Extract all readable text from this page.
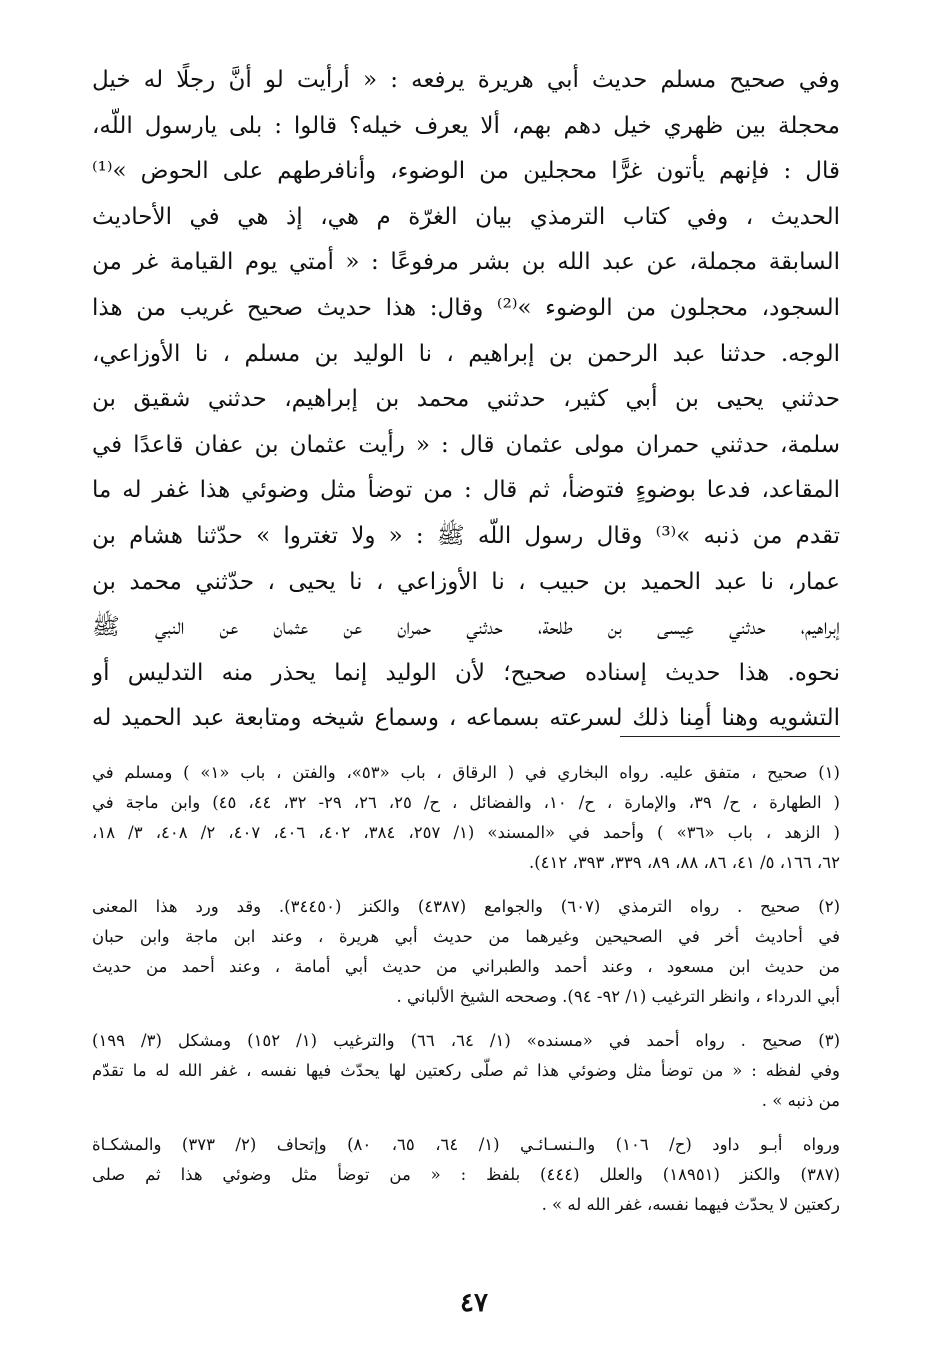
وفي صحيح مسلم حديث أبي هريرة يرفعه : « أرأيت لو أنَّ رجلًا له خيل
محجلة بين ظهري خيل دهم بهم، ألا يعرف خيله؟ قالوا : بلى يارسول اللّه،
قال : فإنهم يأتون غرًّا محجلين من الوضوء، وأنافرطهم على الحوض »⁽¹⁾
الحديث ، وفي كتاب الترمذي بيان الغرّة م هي، إذ هي في الأحاديث
السابقة مجملة، عن عبد الله بن بشر مرفوعًا : « أمتي يوم القيامة غر من
السجود، محجلون من الوضوء »⁽²⁾ وقال: هذا حديث صحيح غريب من هذا
الوجه. حدثنا عبد الرحمن بن إبراهيم ، نا الوليد بن مسلم ، نا الأوزاعي،
حدثني يحيى بن أبي كثير، حدثني محمد بن إبراهيم، حدثني شقيق بن
سلمة، حدثني حمران مولى عثمان قال : « رأيت عثمان بن عفان قاعدًا في
المقاعد، فدعا بوضوءٍ فتوضأ، ثم قال : من توضأ مثل وضوئي هذا غفر له ما
تقدم من ذنبه »⁽³⁾ وقال رسول اللّه ﷺ : « ولا تغتروا » حدّثنا هشام بن
عمار، نا عبد الحميد بن حبيب ، نا الأوزاعي ، نا يحيى ، حدّثني محمد بن
إبراهيم، حدثني عِيسى بن طلحة، حدثني حمران عن عثمان عن النبي ﷺ
نحوه. هذا حديث إسناده صحيح؛ لأن الوليد إنما يحذر منه التدليس أو
التشويه وهنا أمِنا ذلك لسرعته بسماعه ، وسماع شيخه ومتابعة عبد الحميد له
(١) صحيح ، متفق عليه. رواه البخاري في ( الرقاق ، باب «٥٣»، والفتن ، باب «١» ) ومسلم في
( الطهارة ، ح/ ٣٩، والإمارة ، ح/ ١٠، والفضائل ، ح/ ٢٥، ٢٦، ٢٩- ٣٢، ٤٤، ٤٥) وابن ماجة في
( الزهد ، باب «٣٦» ) وأحمد في «المسند» (١/ ٢٥٧، ٣٨٤، ٤٠٢، ٤٠٦، ٤٠٧، ٢/ ٤٠٨، ٣/ ١٨،
٦٢، ١٦٦، ٥/ ٤١، ٨٦، ٨٨، ٨٩، ٣٣٩، ٣٩٣، ٤١٢).
(٢) صحيح . رواه الترمذي (٦٠٧) والجوامع (٤٣٨٧) والكنز (٣٤٤٥٠). وقد ورد هذا المعنى
في أحاديث أخر في الصحيحين وغيرهما من حديث أبي هريرة ، وعند ابن ماجة وابن حبان
من حديث ابن مسعود ، وعند أحمد والطبراني من حديث أبي أمامة ، وعند أحمد من حديث
أبي الدرداء ، وانظر الترغيب (١/ ٩٢- ٩٤). وصححه الشيخ الألباني .
(٣) صحيح . رواه أحمد في «مسنده» (١/ ٦٤، ٦٦) والترغيب (١/ ١٥٢) ومشكل (٣/ ١٩٩)
وفي لفظه : « من توضأ مثل وضوئي هذا ثم صلّى ركعتين لها يحدّث فيها نفسه ، غفر الله له ما تقدّم
من ذنبه » .
ورواه أبـو داود (ح/ ١٠٦) والـنسـائـي (١/ ٦٤، ٦٥، ٨٠) وإتحاف (٢/ ٣٧٣) والمشكـاة
(٣٨٧) والكنز (١٨٩٥١) والعلل (٤٤٤) بلفظ : « من توضأ مثل وضوئي هذا ثم صلى
ركعتين لا يحدّث فيهما نفسه، غفر الله له » .
٤٧
